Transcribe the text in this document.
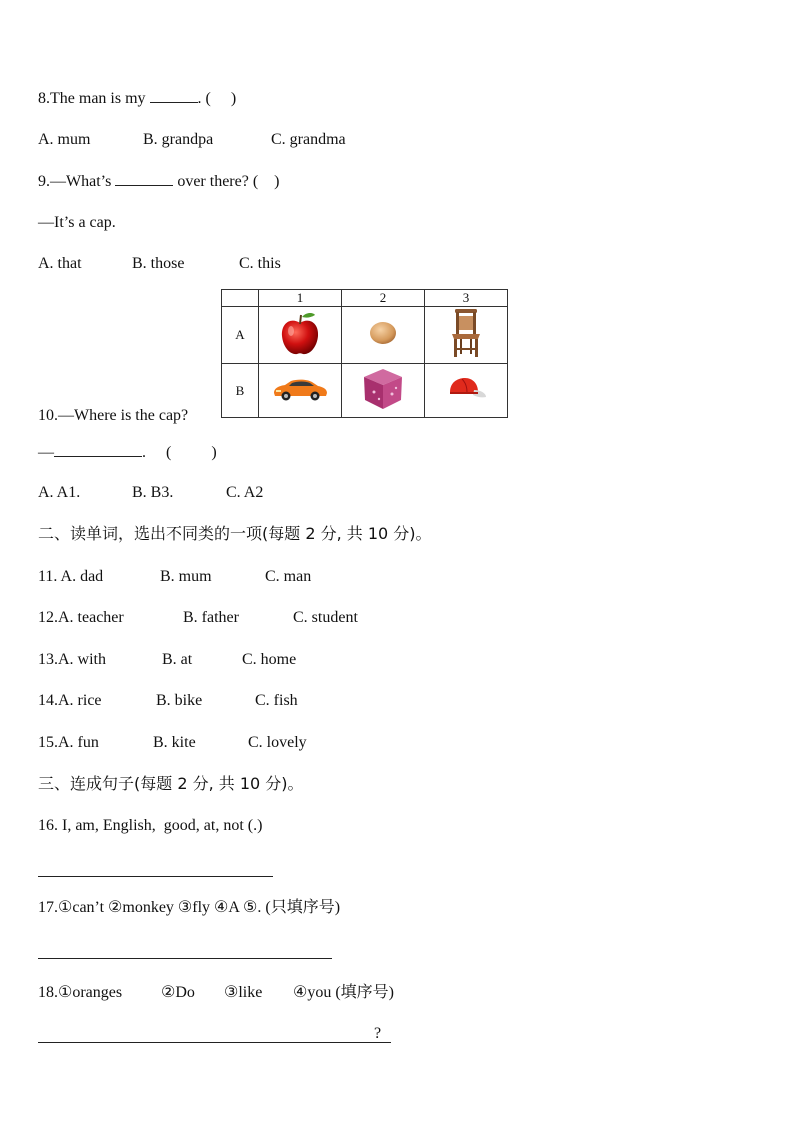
8.The man is my	. (     )
A. mum	B. grandpa	C. grandma
9.—What’s	over there? (    )
—It’s a cap.
A. that	B. those	C. this
	1	2	3
A			
B			
10.—Where is the cap?
—	.     (          )
A. A1.	B. B3.	C. A2
二、读单词，选出不同类的一项(每题 2 分, 共 10 分)。
11. A. dad	B. mum	C. man
12.A. teacher	B. father	C. student
13.A. with	B. at	C. home
14.A. rice	B. bike	C. fish
15.A. fun	B. kite	C. lovely
三、连成句子(每题 2 分, 共 10 分)。
16. I, am, English,  good, at, not (.)
17.①can’t ②monkey ③fly ④A ⑤. (只填序号)
18.①oranges ②Do ③like ④you (填序号)
?
